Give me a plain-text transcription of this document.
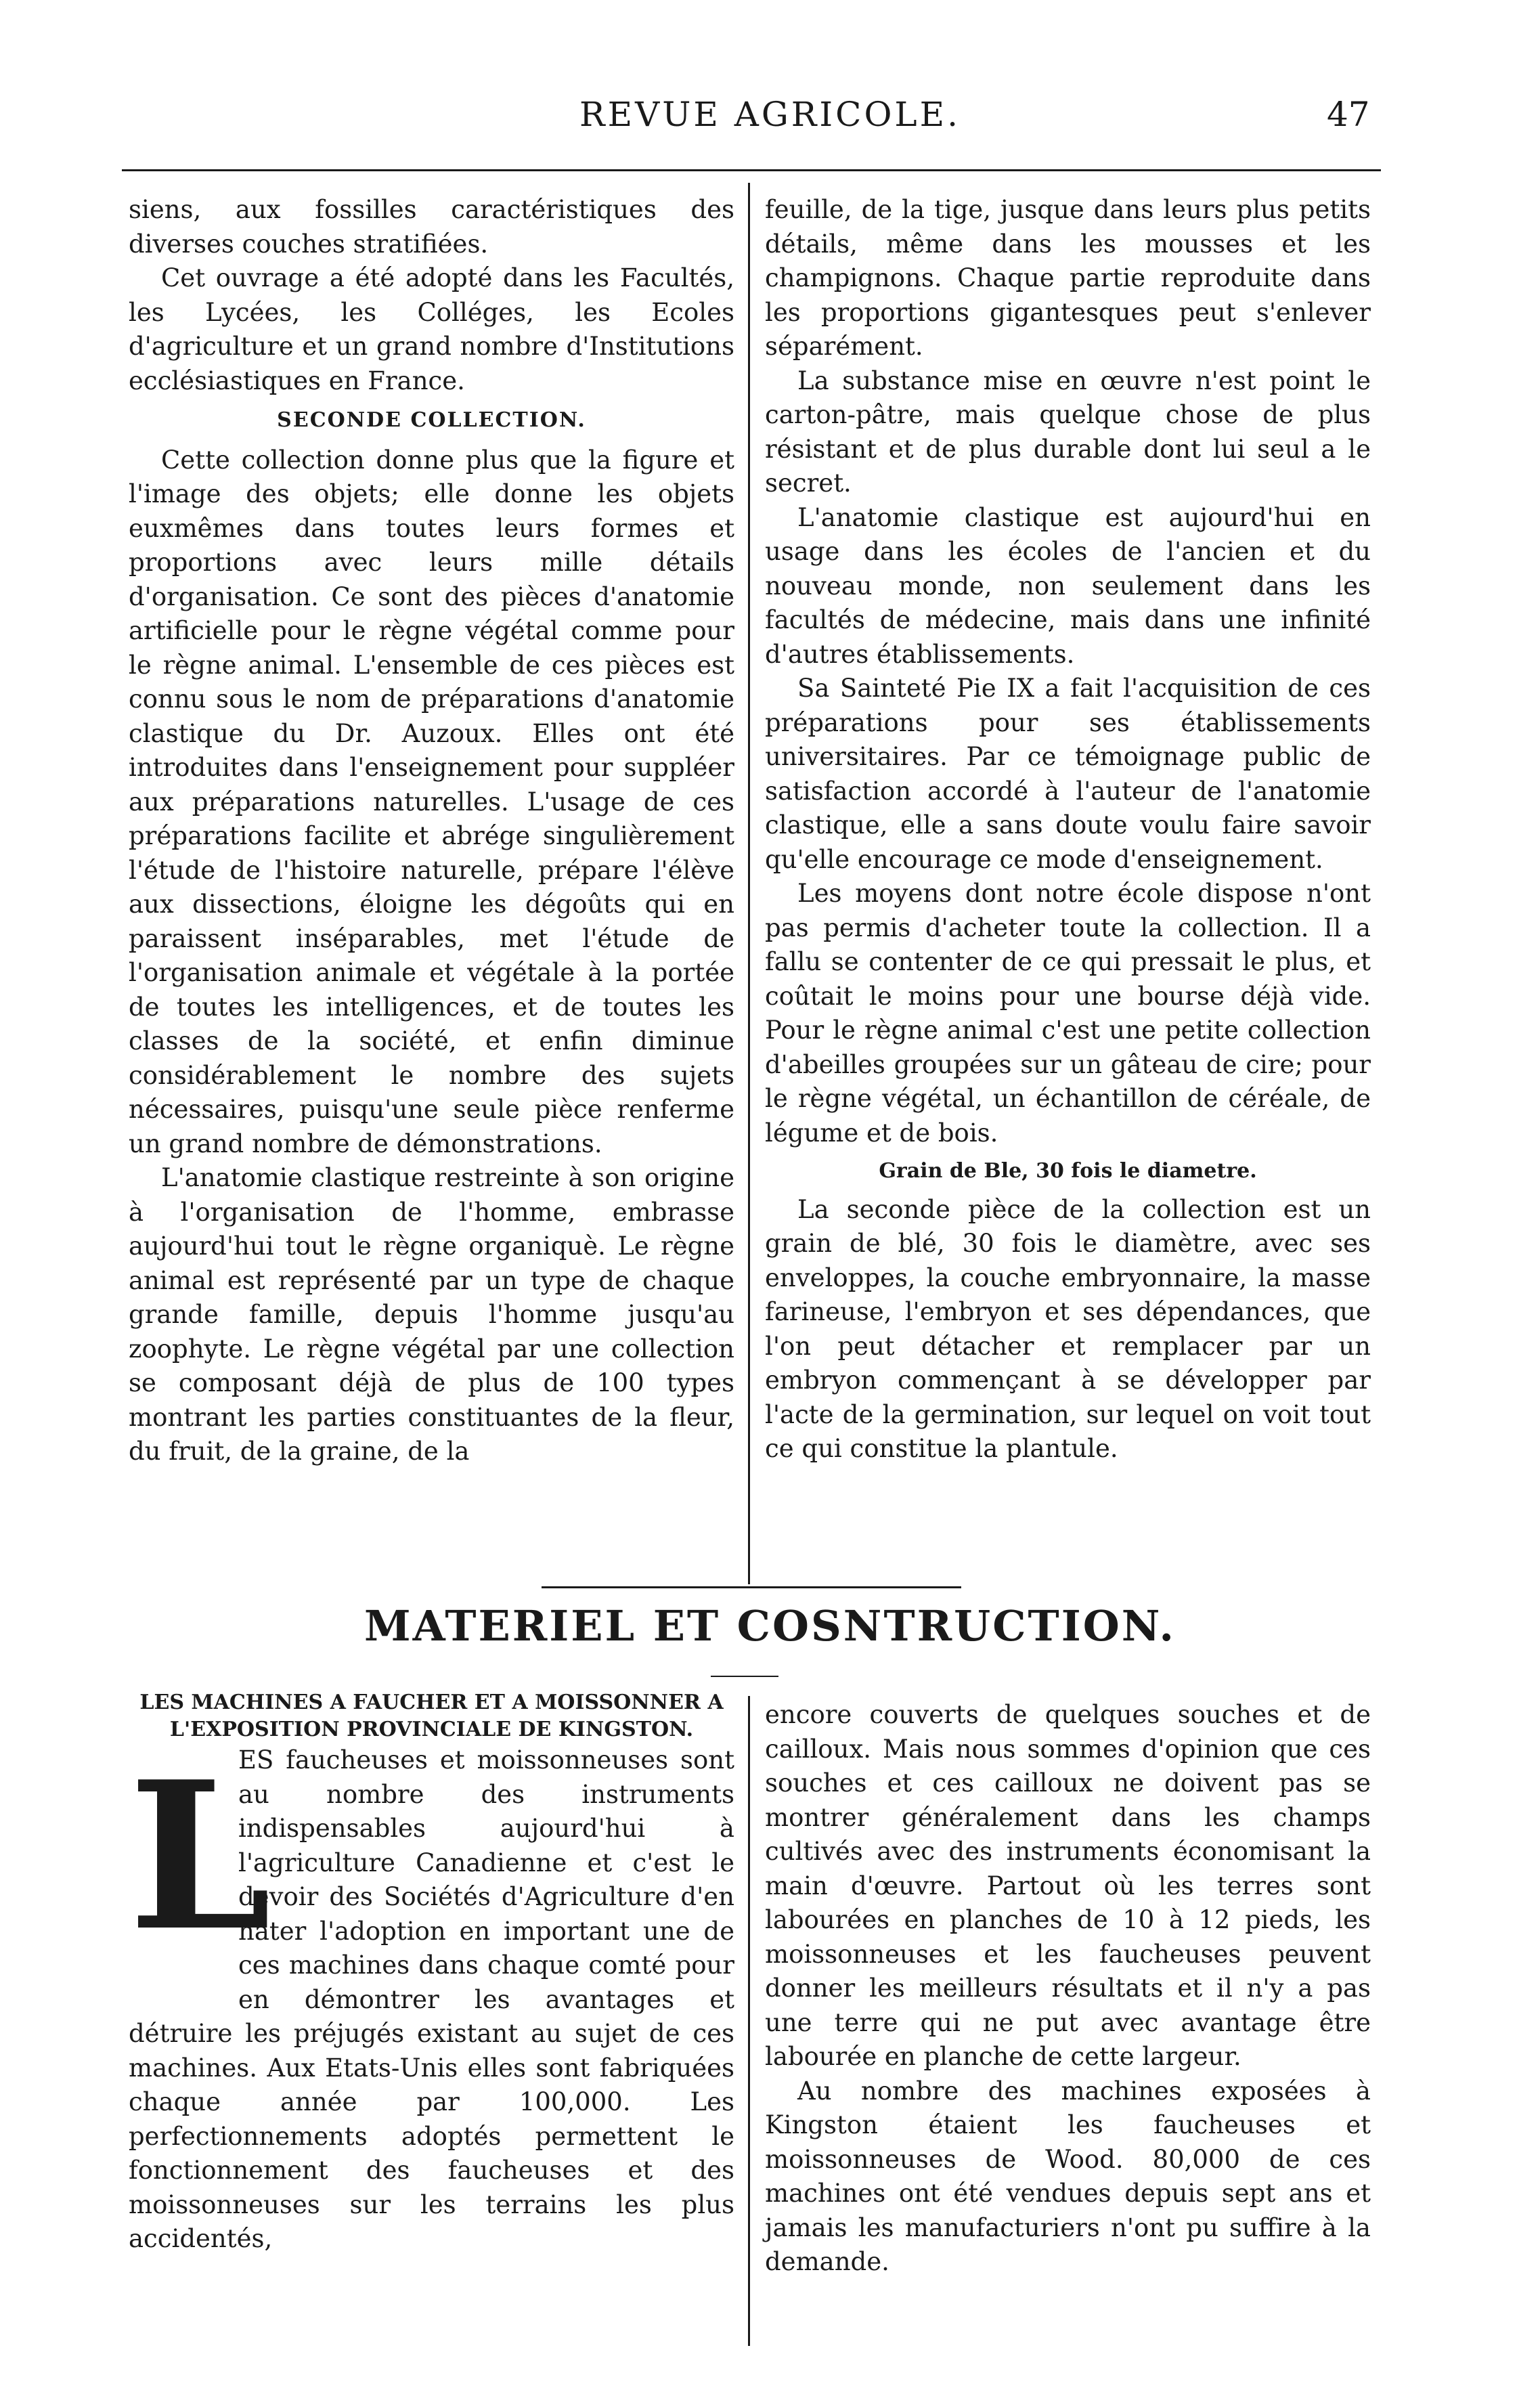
REVUE AGRICOLE.	47

siens, aux fossilles caractéristiques des diverses couches stratifiées.

Cet ouvrage a été adopté dans les Facultés, les Lycées, les Colléges, les Ecoles d'agriculture et un grand nombre d'Institutions ecclésiastiques en France.

SECONDE COLLECTION.

Cette collection donne plus que la figure et l'image des objets; elle donne les objets euxmêmes dans toutes leurs formes et proportions avec leurs mille détails d'organisation. Ce sont des pièces d'anatomie artificielle pour le règne végétal comme pour le règne animal. L'ensemble de ces pièces est connu sous le nom de préparations d'anatomie clastique du Dr. Auzoux. Elles ont été introduites dans l'enseignement pour suppléer aux préparations naturelles. L'usage de ces préparations facilite et abrége singulièrement l'étude de l'histoire naturelle, prépare l'élève aux dissections, éloigne les dégoûts qui en paraissent inséparables, met l'étude de l'organisation animale et végétale à la portée de toutes les intelligences, et de toutes les classes de la société, et enfin diminue considérablement le nombre des sujets nécessaires, puisqu'une seule pièce renferme un grand nombre de démonstrations.

L'anatomie clastique restreinte à son origine à l'organisation de l'homme, embrasse aujourd'hui tout le règne organiquè. Le règne animal est représenté par un type de chaque grande famille, depuis l'homme jusqu'au zoophyte. Le règne végétal par une collection se composant déjà de plus de 100 types montrant les parties constituantes de la fleur, du fruit, de la graine, de la

feuille, de la tige, jusque dans leurs plus petits détails, même dans les mousses et les champignons. Chaque partie reproduite dans les proportions gigantesques peut s'enlever séparément.

La substance mise en œuvre n'est point le carton-pâtre, mais quelque chose de plus résistant et de plus durable dont lui seul a le secret.

L'anatomie clastique est aujourd'hui en usage dans les écoles de l'ancien et du nouveau monde, non seulement dans les facultés de médecine, mais dans une infinité d'autres établissements.

Sa Sainteté Pie IX a fait l'acquisition de ces préparations pour ses établissements universitaires. Par ce témoignage public de satisfaction accordé à l'auteur de l'anatomie clastique, elle a sans doute voulu faire savoir qu'elle encourage ce mode d'enseignement.

Les moyens dont notre école dispose n'ont pas permis d'acheter toute la collection. Il a fallu se contenter de ce qui pressait le plus, et coûtait le moins pour une bourse déjà vide. Pour le règne animal c'est une petite collection d'abeilles groupées sur un gâteau de cire; pour le règne végétal, un échantillon de céréale, de légume et de bois.

Grain de Ble, 30 fois le diametre.

La seconde pièce de la collection est un grain de blé, 30 fois le diamètre, avec ses enveloppes, la couche embryonnaire, la masse farineuse, l'embryon et ses dépendances, que l'on peut détacher et remplacer par un embryon commençant à se développer par l'acte de la germination, sur lequel on voit tout ce qui constitue la plantule.

MATERIEL ET COSNTRUCTION.

LES MACHINES A FAUCHER ET A MOISSONNER A L'EXPOSITION PROVINCIALE DE KINGSTON.

L

ES faucheuses et moissonneuses sont au nombre des instruments indispensables aujourd'hui à l'agriculture Canadienne et c'est le devoir des Sociétés d'Agriculture d'en hâter l'adoption en important une de ces machines dans chaque comté pour en démontrer les avantages et détruire les préjugés existant au sujet de ces machines. Aux Etats-Unis elles sont fabriquées chaque année par 100,000. Les perfectionnements adoptés permettent le fonctionnement des faucheuses et des moissonneuses sur les terrains les plus accidentés,

encore couverts de quelques souches et de cailloux. Mais nous sommes d'opinion que ces souches et ces cailloux ne doivent pas se montrer généralement dans les champs cultivés avec des instruments économisant la main d'œuvre. Partout où les terres sont labourées en planches de 10 à 12 pieds, les moissonneuses et les faucheuses peuvent donner les meilleurs résultats et il n'y a pas une terre qui ne put avec avantage être labourée en planche de cette largeur.

Au nombre des machines exposées à Kingston étaient les faucheuses et moissonneuses de Wood. 80,000 de ces machines ont été vendues depuis sept ans et jamais les manufacturiers n'ont pu suffire à la demande.
